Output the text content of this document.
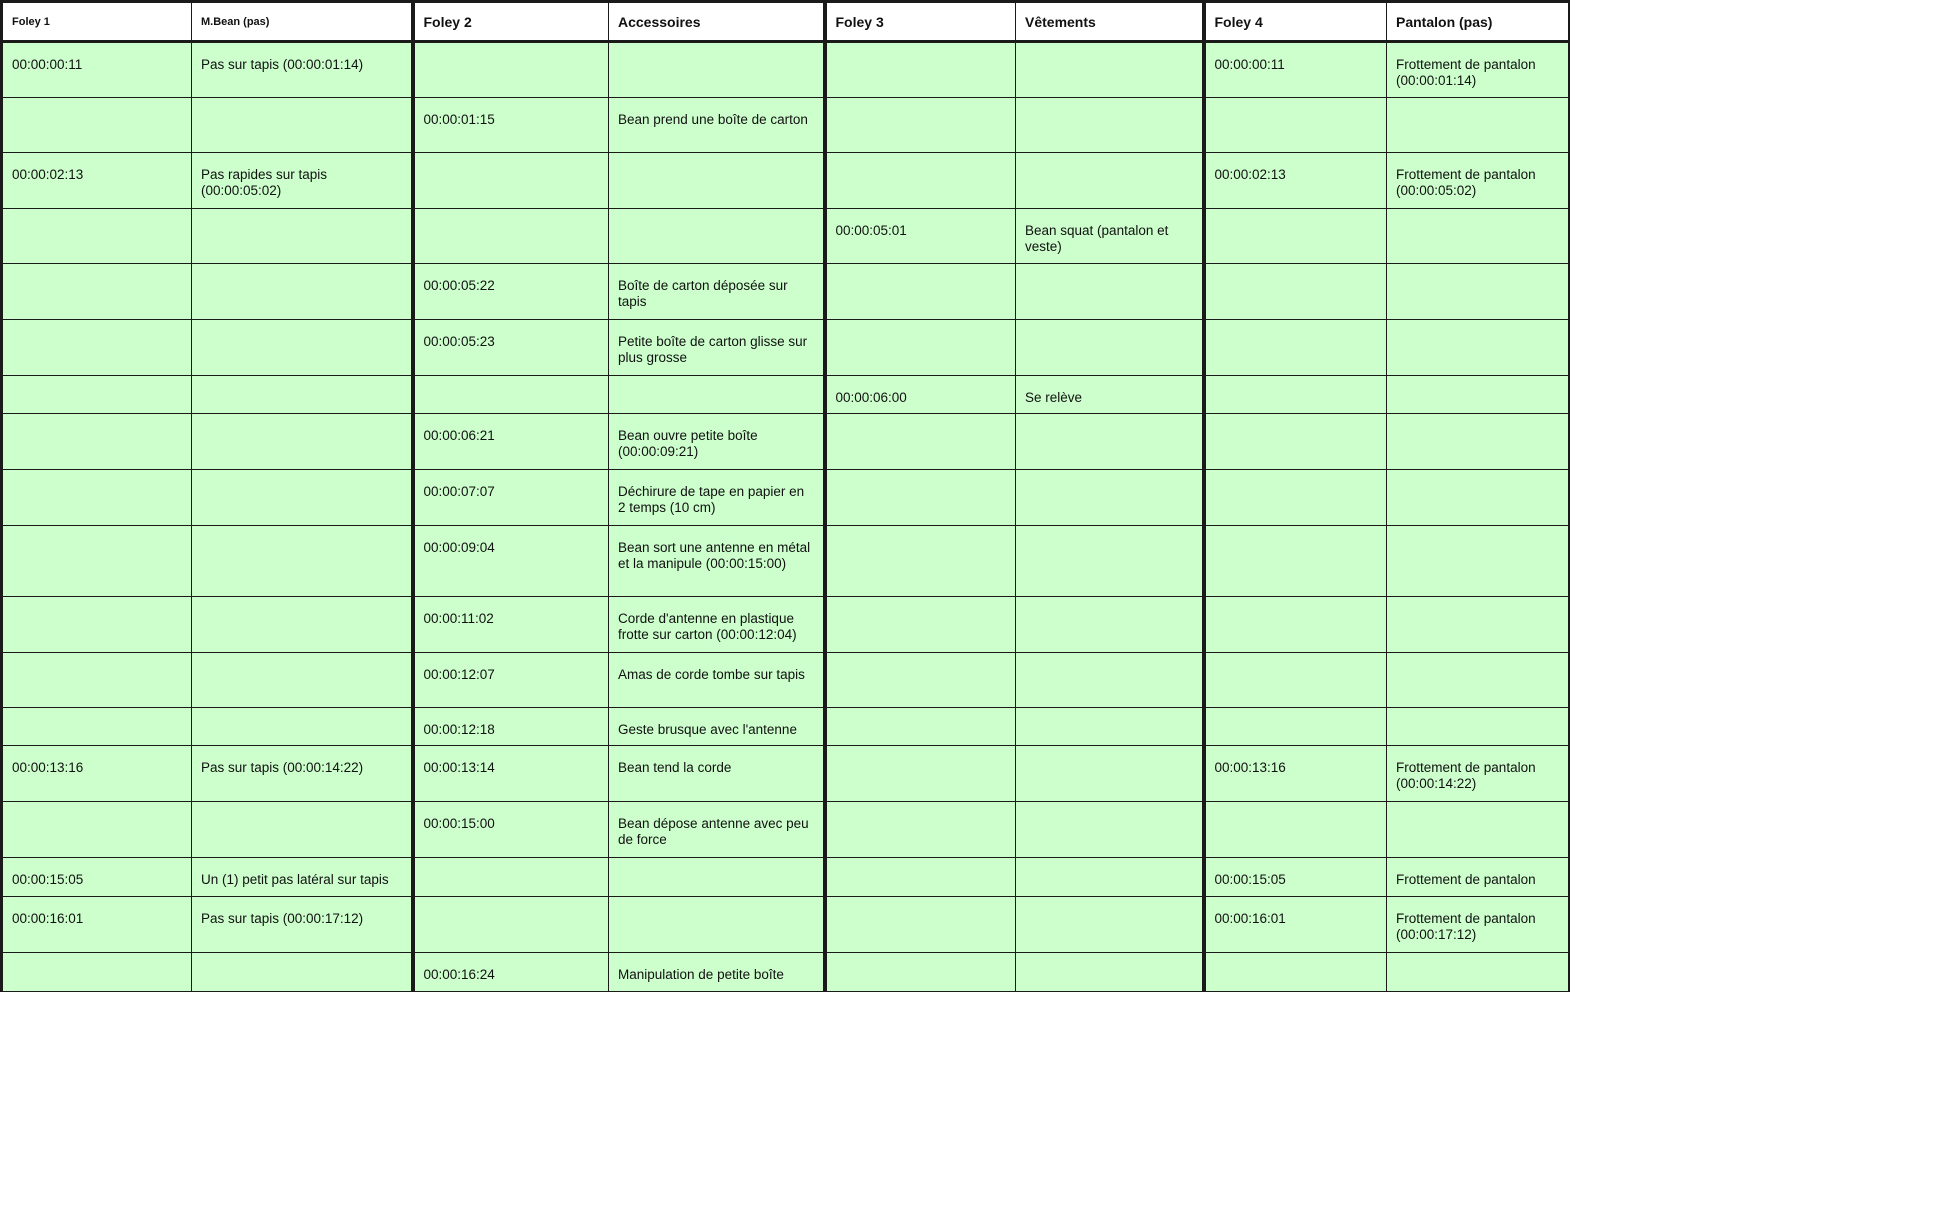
Foley 1	M.Bean (pas)	Foley 2	Accessoires	Foley 3	Vêtements	Foley 4	Pantalon (pas)
00:00:00:11	Pas sur tapis (00:00:01:14)					00:00:00:11	Frottement de pantalon (00:00:01:14)
		00:00:01:15	Bean prend une boîte de carton				
00:00:02:13	Pas rapides sur tapis (00:00:05:02)					00:00:02:13	Frottement de pantalon (00:00:05:02)
				00:00:05:01	Bean squat (pantalon et veste)		
		00:00:05:22	Boîte de carton déposée sur tapis				
		00:00:05:23	Petite boîte de carton glisse sur plus grosse				
				00:00:06:00	Se relève		
		00:00:06:21	Bean ouvre petite boîte (00:00:09:21)				
		00:00:07:07	Déchirure de tape en papier en 2 temps (10 cm)				
		00:00:09:04	Bean sort une antenne en métal et la manipule (00:00:15:00)				
		00:00:11:02	Corde d'antenne en plastique frotte sur carton (00:00:12:04)				
		00:00:12:07	Amas de corde tombe sur tapis				
		00:00:12:18	Geste brusque avec l'antenne				
00:00:13:16	Pas sur tapis (00:00:14:22)	00:00:13:14	Bean tend la corde			00:00:13:16	Frottement de pantalon (00:00:14:22)
		00:00:15:00	Bean dépose antenne avec peu de force				
00:00:15:05	Un (1) petit pas latéral sur tapis					00:00:15:05	Frottement de pantalon
00:00:16:01	Pas sur tapis (00:00:17:12)					00:00:16:01	Frottement de pantalon (00:00:17:12)
		00:00:16:24	Manipulation de petite boîte				
